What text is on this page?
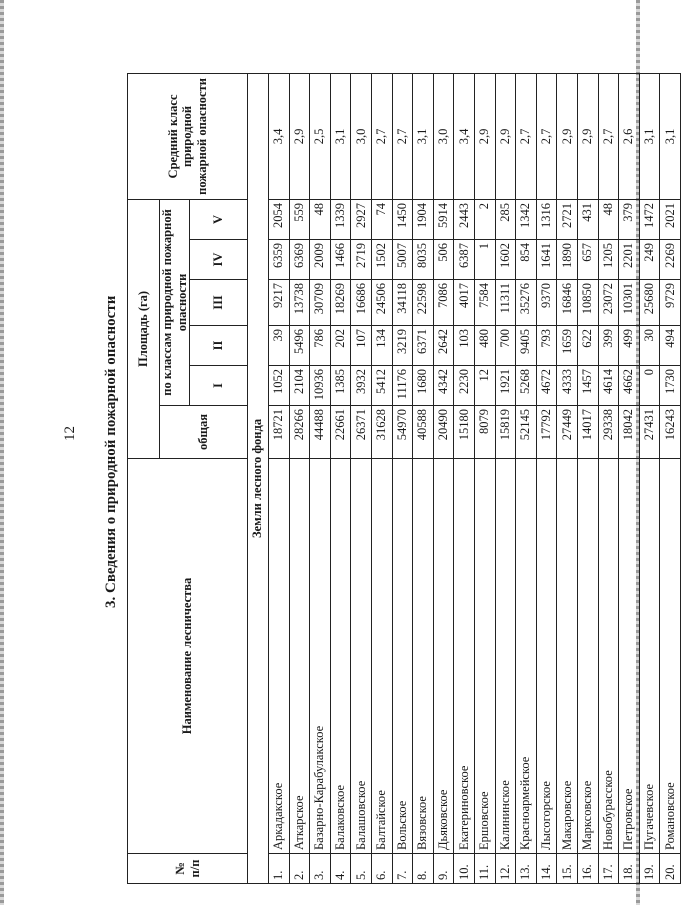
12 3. Сведения о природной пожарной опасности
№ п/п	Наименование лесничества	Площадь (га)						Средний класс природной пожарной опасности
		общая	по классам природной пожарной опасности					
			I	II	III	IV	V	
Земли лесного фонда								
1.	Аркадакское	18721	1052	39	9217	6359	2054	3,4
2.	Аткарское	28266	2104	5496	13738	6369	559	2,9
3.	Базарно-Карабулакское	44488	10936	786	30709	2009	48	2,5
4.	Балаковское	22661	1385	202	18269	1466	1339	3,1
5.	Балашовское	26371	3932	107	16686	2719	2927	3,0
6.	Балтайское	31628	5412	134	24506	1502	74	2,7
7.	Вольское	54970	11176	3219	34118	5007	1450	2,7
8.	Вязовское	40588	1680	6371	22598	8035	1904	3,1
9.	Дьяковское	20490	4342	2642	7086	506	5914	3,0
10.	Екатериновское	15180	2230	103	4017	6387	2443	3,4
11.	Ершовское	8079	12	480	7584	1	2	2,9
12.	Калининское	15819	1921	700	11311	1602	285	2,9
13.	Красноармейское	52145	5268	9405	35276	854	1342	2,7
14.	Лысогорское	17792	4672	793	9370	1641	1316	2,7
15.	Макаровское	27449	4333	1659	16846	1890	2721	2,9
16.	Марксовское	14017	1457	622	10850	657	431	2,9
17.	Новобурасское	29338	4614	399	23072	1205	48	2,7
18.	Петровское	18042	4662	499	10301	2201	379	2,6
19.	Пугачевское	27431	0	30	25680	249	1472	3,1
20.	Романовское	16243	1730	494	9729	2269	2021	3,1
